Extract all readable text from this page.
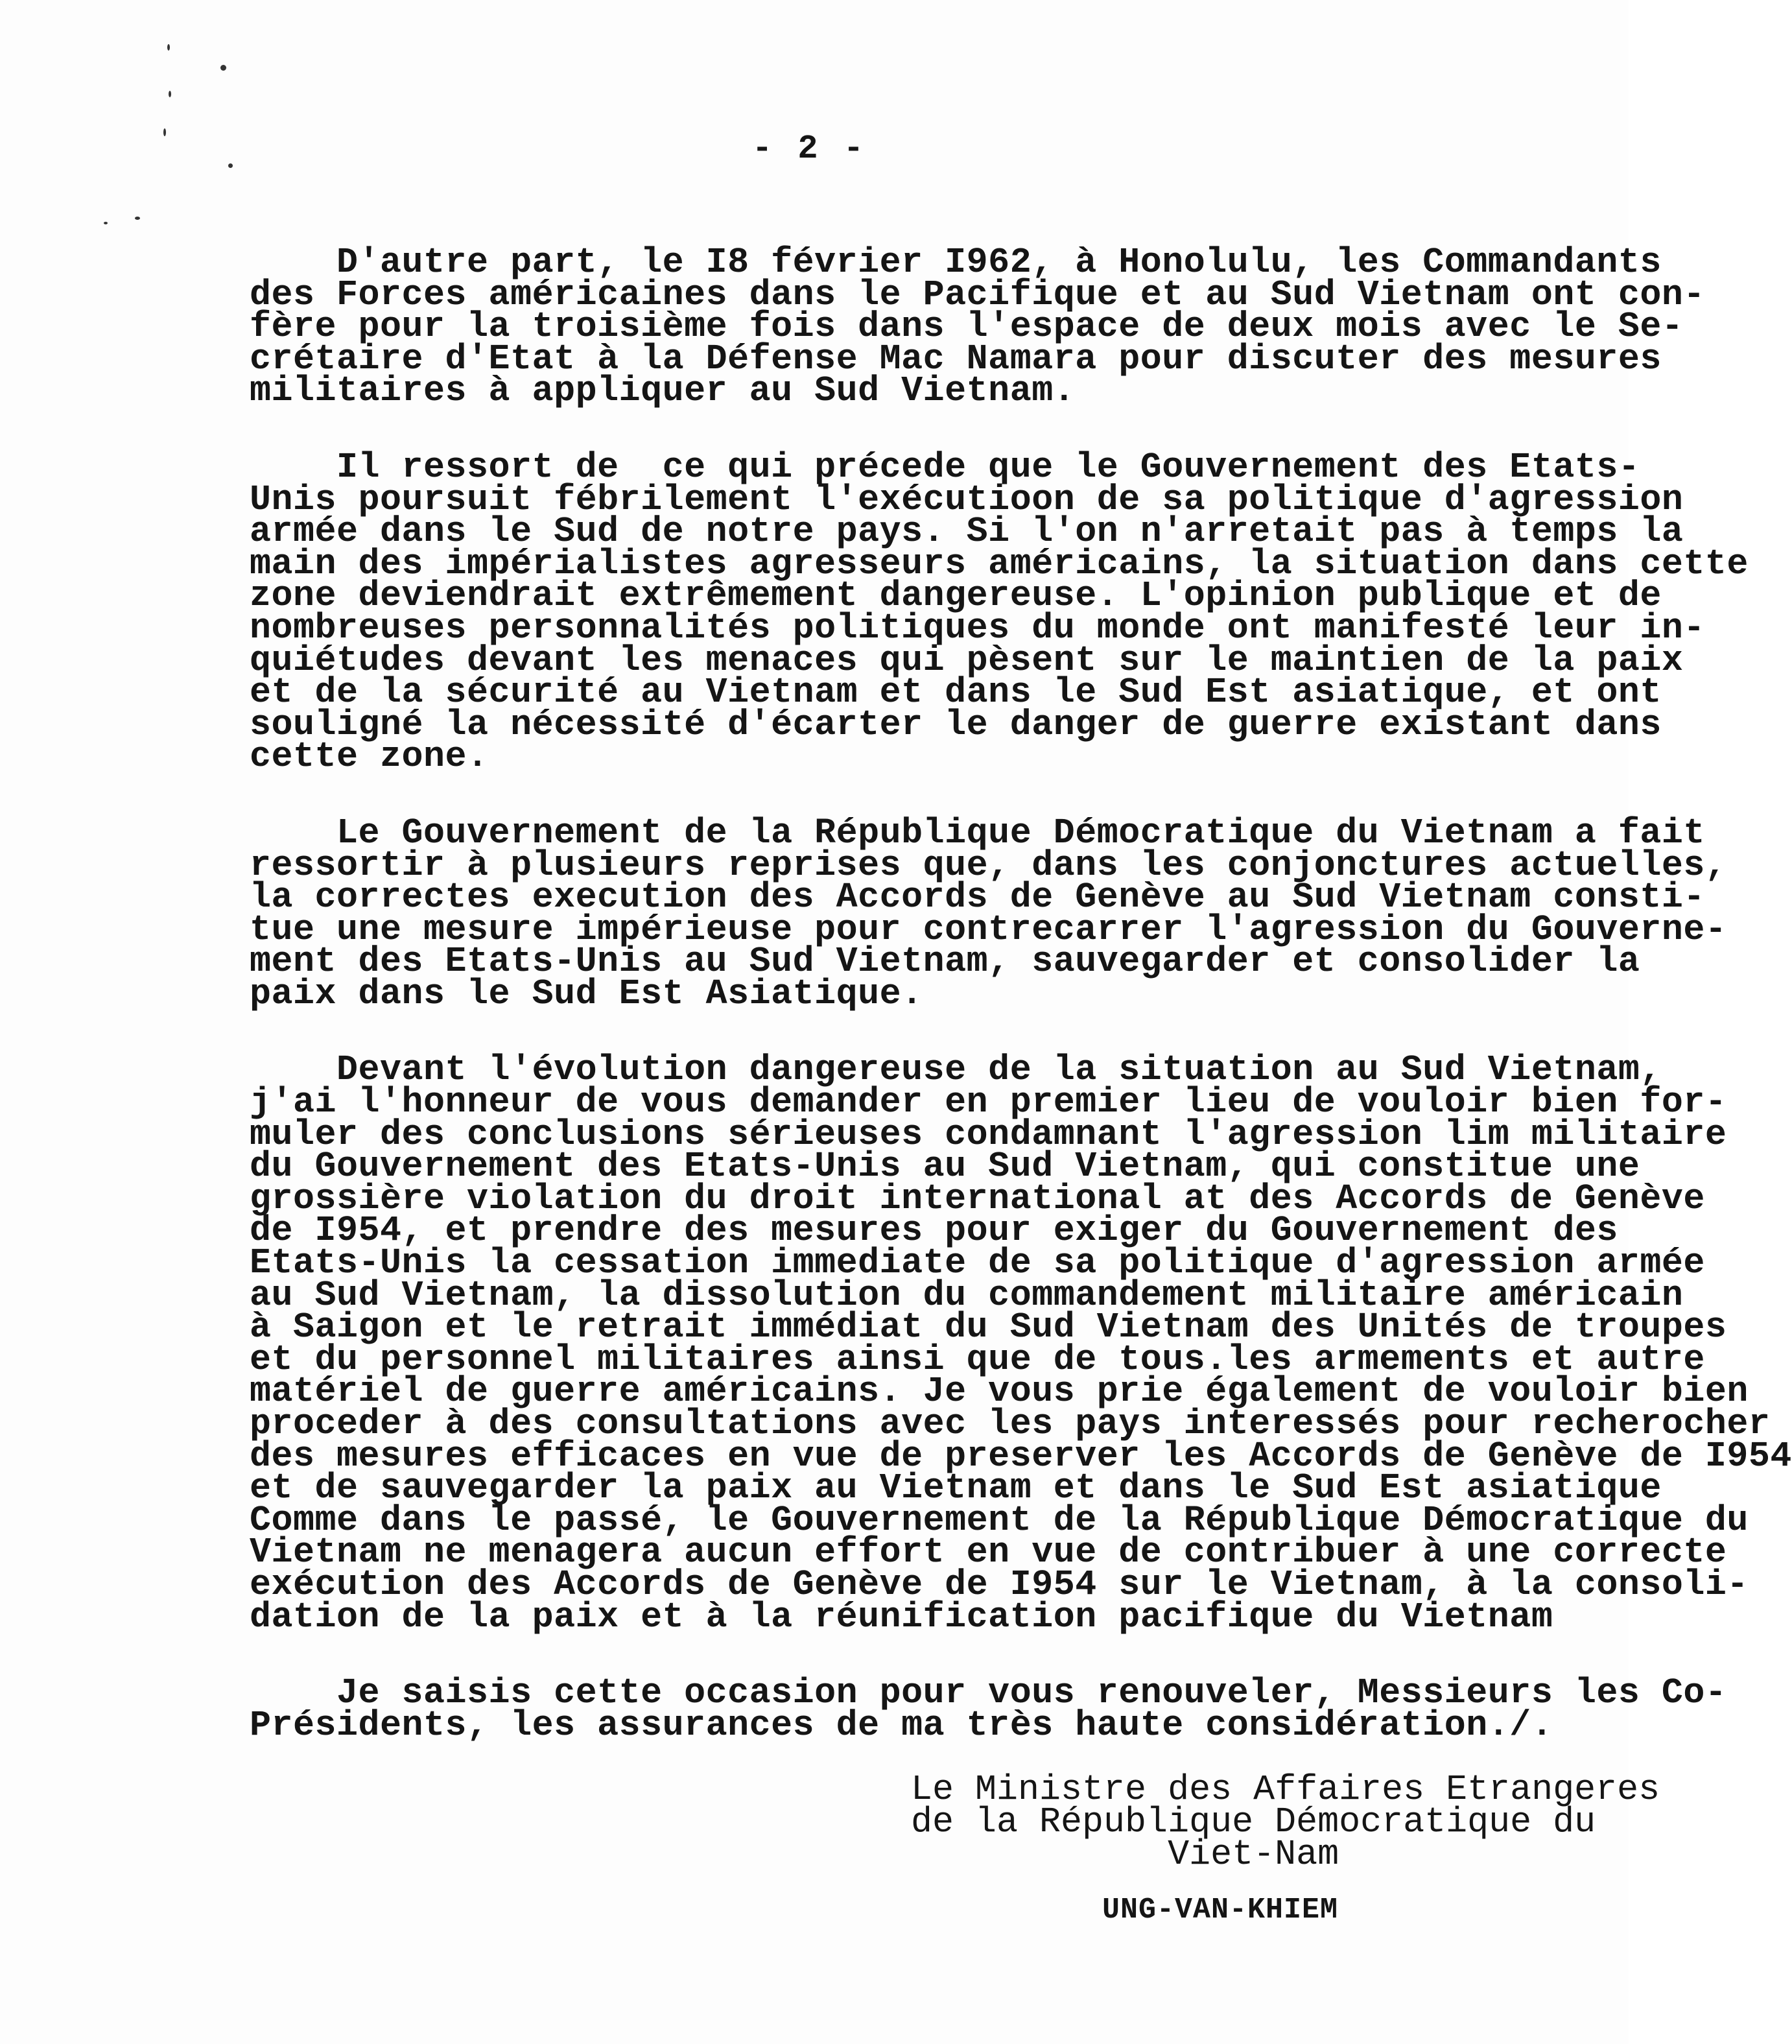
- 2 -
D'autre part, le I8 février I962, à Honolulu, les Commandants
des Forces américaines dans le Pacifique et au Sud Vietnam ont con-
fère pour la troisième fois dans l'espace de deux mois avec le Se-
crétaire d'Etat à la Défense Mac Namara pour discuter des mesures
militaires à appliquer au Sud Vietnam.
Il ressort de  ce qui précede que le Gouvernement des Etats-
Unis poursuit fébrilement l'exécutioon de sa politique d'agression
armée dans le Sud de notre pays. Si l'on n'arretait pas à temps la
main des impérialistes agresseurs américains, la situation dans cette
zone deviendrait extrêmement dangereuse. L'opinion publique et de
nombreuses personnalités politiques du monde ont manifesté leur in-
quiétudes devant les menaces qui pèsent sur le maintien de la paix
et de la sécurité au Vietnam et dans le Sud Est asiatique, et ont
souligné la nécessité d'écarter le danger de guerre existant dans
cette zone.
Le Gouvernement de la République Démocratique du Vietnam a fait
ressortir à plusieurs reprises que, dans les conjonctures actuelles,
la correctes execution des Accords de Genève au Sud Vietnam consti-
tue une mesure impérieuse pour contrecarrer l'agression du Gouverne-
ment des Etats-Unis au Sud Vietnam, sauvegarder et consolider la
paix dans le Sud Est Asiatique.
Devant l'évolution dangereuse de la situation au Sud Vietnam,
j'ai l'honneur de vous demander en premier lieu de vouloir bien for-
muler des conclusions sérieuses condamnant l'agression lim militaire
du Gouvernement des Etats-Unis au Sud Vietnam, qui constitue une
grossière violation du droit international at des Accords de Genève
de I954, et prendre des mesures pour exiger du Gouvernement des
Etats-Unis la cessation immediate de sa politique d'agression armée
au Sud Vietnam, la dissolution du commandement militaire américain
à Saigon et le retrait immédiat du Sud Vietnam des Unités de troupes
et du personnel militaires ainsi que de tous.les armements et autre
matériel de guerre américains. Je vous prie également de vouloir bien
proceder à des consultations avec les pays interessés pour recherocher
des mesures efficaces en vue de preserver les Accords de Genève de I954
et de sauvegarder la paix au Vietnam et dans le Sud Est asiatique
Comme dans le passé, le Gouvernement de la République Démocratique du
Vietnam ne menagera aucun effort en vue de contribuer à une correcte
exécution des Accords de Genève de I954 sur le Vietnam, à la consoli-
dation de la paix et à la réunification pacifique du Vietnam
Je saisis cette occasion pour vous renouveler, Messieurs les Co-
Présidents, les assurances de ma très haute considération./.
Le Ministre des Affaires Etrangeres
de la République Démocratique du
Viet-Nam
UNG-VAN-KHIEM
